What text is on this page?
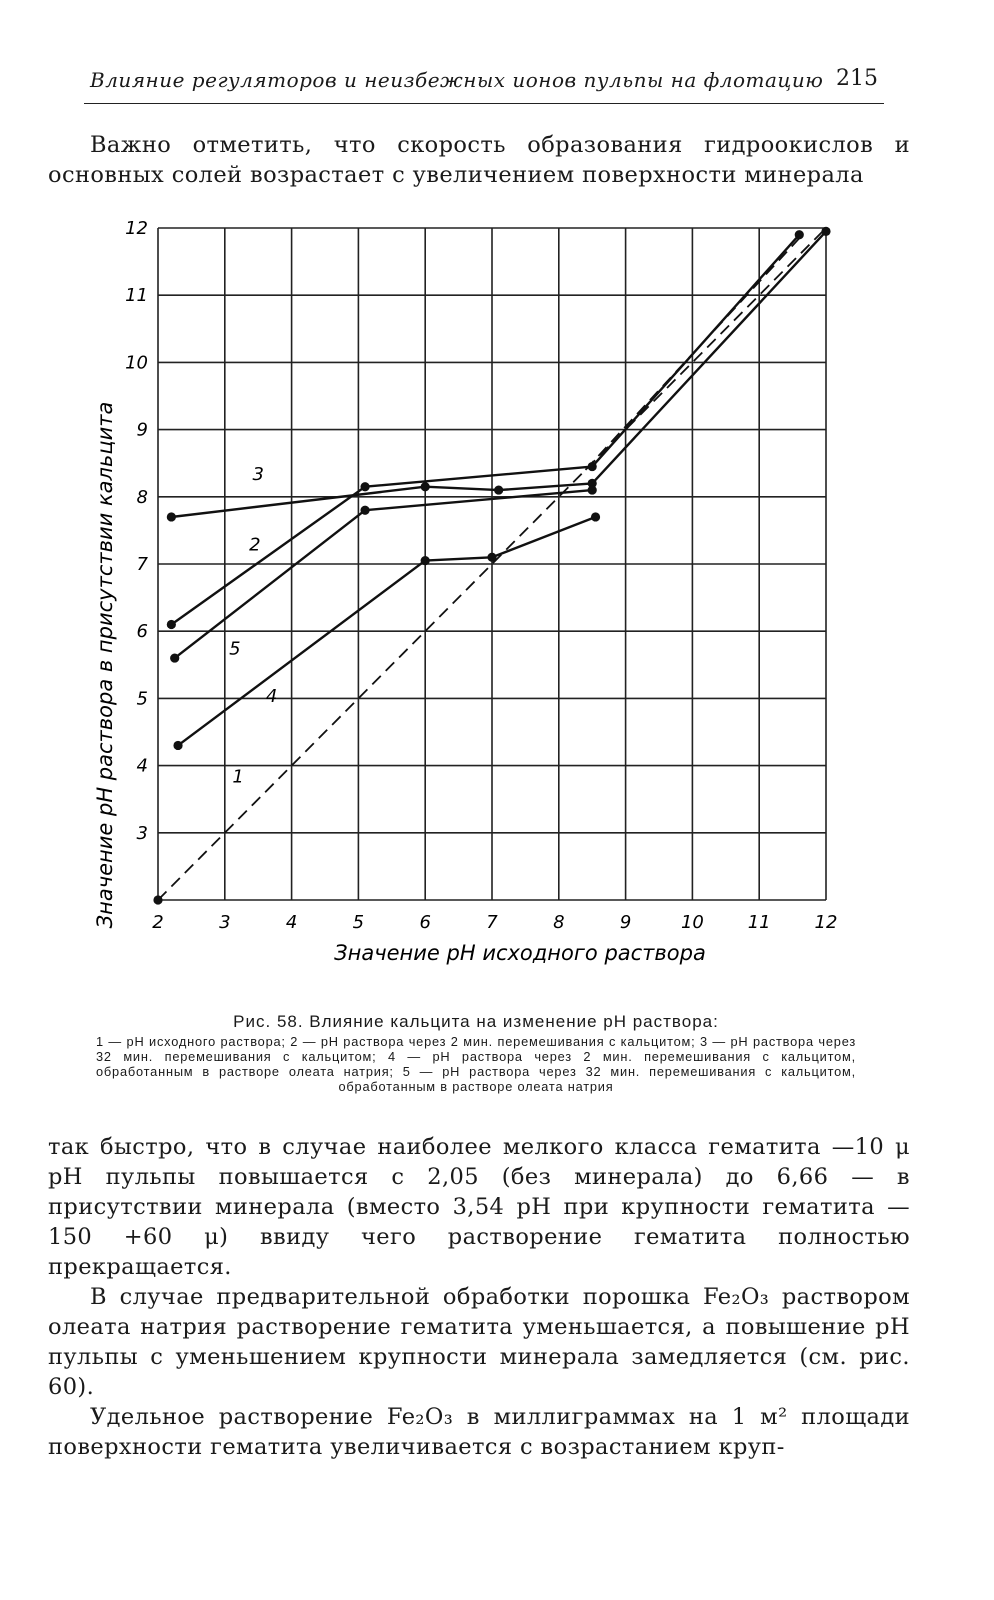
Влияние регуляторов и неизбежных ионов пульпы на флотацию 215

Важно отметить, что скорость образования гидроокислов и основных солей возрастает с увеличением поверхности минерала

2	3	4	5	6	7	8	9	10 11 12
3
4
5
6
7
8
9
10
11
12
1
2
3
4
5
Значение pH исходного раствора
Значение pH раствора в присутствии кальцита
Рис. 58. Влияние кальцита на изменение pH раствора:
1 — pH исходного раствора; 2 — pH раствора через 2 мин. перемешивания с кальцитом; 3 — pH раствора через 32 мин. перемешивания с кальцитом; 4 — pH раствора через 2 мин. перемешивания с кальцитом, обработанным в растворе олеата натрия; 5 — pH раствора через 32 мин. перемешивания с кальцитом, обработанным в растворе олеата натрия

так быстро, что в случае наиболее мелкого класса гематита —10 μ pH пульпы повышается с 2,05 (без минерала) до 6,66 — в присутствии минерала (вместо 3,54 pH при крупности гематита —150 +60 μ) ввиду чего растворение гематита полностью прекращается.

В случае предварительной обработки порошка Fe₂O₃ раствором олеата натрия растворение гематита уменьшается, а повышение pH пульпы с уменьшением крупности минерала замедляется (см. рис. 60).

Удельное растворение Fe₂O₃ в миллиграммах на 1 м² площади поверхности гематита увеличивается с возрастанием круп-
